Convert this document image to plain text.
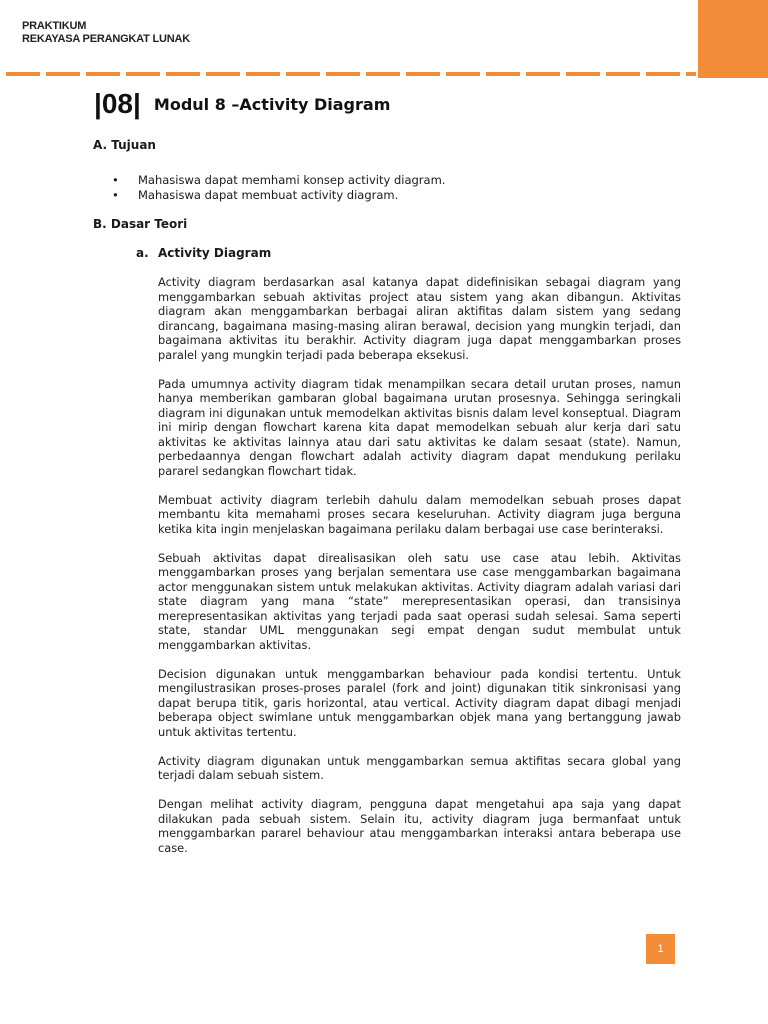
PRAKTIKUM
REKAYASA PERANGKAT LUNAK
|08| Modul 8 –Activity Diagram
A. Tujuan
• Mahasiswa dapat memhami konsep activity diagram.
• Mahasiswa dapat membuat activity diagram.
B. Dasar Teori
a. Activity Diagram

Activity diagram berdasarkan asal katanya dapat didefinisikan sebagai diagram yang menggambarkan sebuah aktivitas project atau sistem yang akan dibangun. Aktivitas diagram akan menggambarkan berbagai aliran aktifitas dalam sistem yang sedang dirancang, bagaimana masing-masing aliran berawal, decision yang mungkin terjadi, dan bagaimana aktivitas itu berakhir. Activity diagram juga dapat menggambarkan proses paralel yang mungkin terjadi pada beberapa eksekusi.

Pada umumnya activity diagram tidak menampilkan secara detail urutan proses, namun hanya memberikan gambaran global bagaimana urutan prosesnya. Sehingga seringkali diagram ini digunakan untuk memodelkan aktivitas bisnis dalam level konseptual. Diagram ini mirip dengan flowchart karena kita dapat memodelkan sebuah alur kerja dari satu aktivitas ke aktivitas lainnya atau dari satu aktivitas ke dalam sesaat (state). Namun, perbedaannya dengan flowchart adalah activity diagram dapat mendukung perilaku pararel sedangkan flowchart tidak.

Membuat activity diagram terlebih dahulu dalam memodelkan sebuah proses dapat membantu kita memahami proses secara keseluruhan. Activity diagram juga berguna ketika kita ingin menjelaskan bagaimana perilaku dalam berbagai use case berinteraksi.

Sebuah aktivitas dapat direalisasikan oleh satu use case atau lebih. Aktivitas menggambarkan proses yang berjalan sementara use case menggambarkan bagaimana actor menggunakan sistem untuk melakukan aktivitas. Activity diagram adalah variasi dari state diagram yang mana “state” merepresentasikan operasi, dan transisinya merepresentasikan aktivitas yang terjadi pada saat operasi sudah selesai. Sama seperti state, standar UML menggunakan segi empat dengan sudut membulat untuk menggambarkan aktivitas.

Decision digunakan untuk menggambarkan behaviour pada kondisi tertentu. Untuk mengilustrasikan proses-proses paralel (fork and joint) digunakan titik sinkronisasi yang dapat berupa titik, garis horizontal, atau vertical. Activity diagram dapat dibagi menjadi beberapa object swimlane untuk menggambarkan objek mana yang bertanggung jawab untuk aktivitas tertentu.

Activity diagram digunakan untuk menggambarkan semua aktifitas secara global yang terjadi dalam sebuah sistem.

Dengan melihat activity diagram, pengguna dapat mengetahui apa saja yang dapat dilakukan pada sebuah sistem. Selain itu, activity diagram juga bermanfaat untuk menggambarkan pararel behaviour atau menggambarkan interaksi antara beberapa use case.

1
